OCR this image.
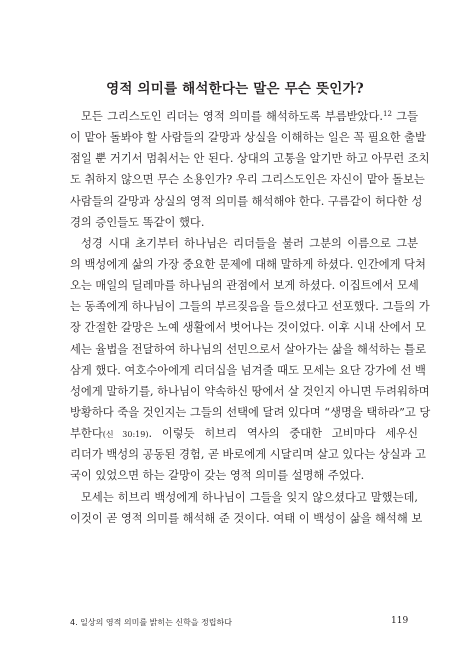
영적 의미를 해석한다는 말은 무슨 뜻인가?
모든 그리스도인 리더는 영적 의미를 해석하도록 부름받았다.$^{12}$ 그들
이 맡아 돌봐야 할 사람들의 갈망과 상실을 이해하는 일은 꼭 필요한 출발
점일 뿐 거기서 멈춰서는 안 된다. 상대의 고통을 알기만 하고 아무런 조치
도 취하지 않으면 무슨 소용인가? 우리 그리스도인은 자신이 맡아 돌보는
사람들의 갈망과 상실의 영적 의미를 해석해야 한다. 구름같이 허다한 성
경의 증인들도 똑같이 했다.
성경 시대 초기부터 하나님은 리더들을 불러 그분의 이름으로 그분
의 백성에게 삶의 가장 중요한 문제에 대해 말하게 하셨다. 인간에게 닥쳐
오는 매일의 딜레마를 하나님의 관점에서 보게 하셨다. 이집트에서 모세
는 동족에게 하나님이 그들의 부르짖음을 들으셨다고 선포했다. 그들의 가
장 간절한 갈망은 노예 생활에서 벗어나는 것이었다. 이후 시내 산에서 모
세는 율법을 전달하여 하나님의 선민으로서 살아가는 삶을 해석하는 틀로
삼게 했다. 여호수아에게 리더십을 넘겨줄 때도 모세는 요단 강가에 선 백
성에게 말하기를, 하나님이 약속하신 땅에서 살 것인지 아니면 두려워하며
방황하다 죽을 것인지는 그들의 선택에 달려 있다며 “생명을 택하라”고 당
부한다(신 30:19). 이렇듯 히브리 역사의 중대한 고비마다 세우신
리더가 백성의 공동된 경험, 곧 바로에게 시달리며 살고 있다는 상실과 고
국이 있었으면 하는 갈망이 갖는 영적 의미를 설명해 주었다.
모세는 히브리 백성에게 하나님이 그들을 잊지 않으셨다고 말했는데,
이것이 곧 영적 의미를 해석해 준 것이다. 여태 이 백성이 삶을 해석해 보
4. 일상의 영적 의미를 밝히는 신학을 정립하다	119
